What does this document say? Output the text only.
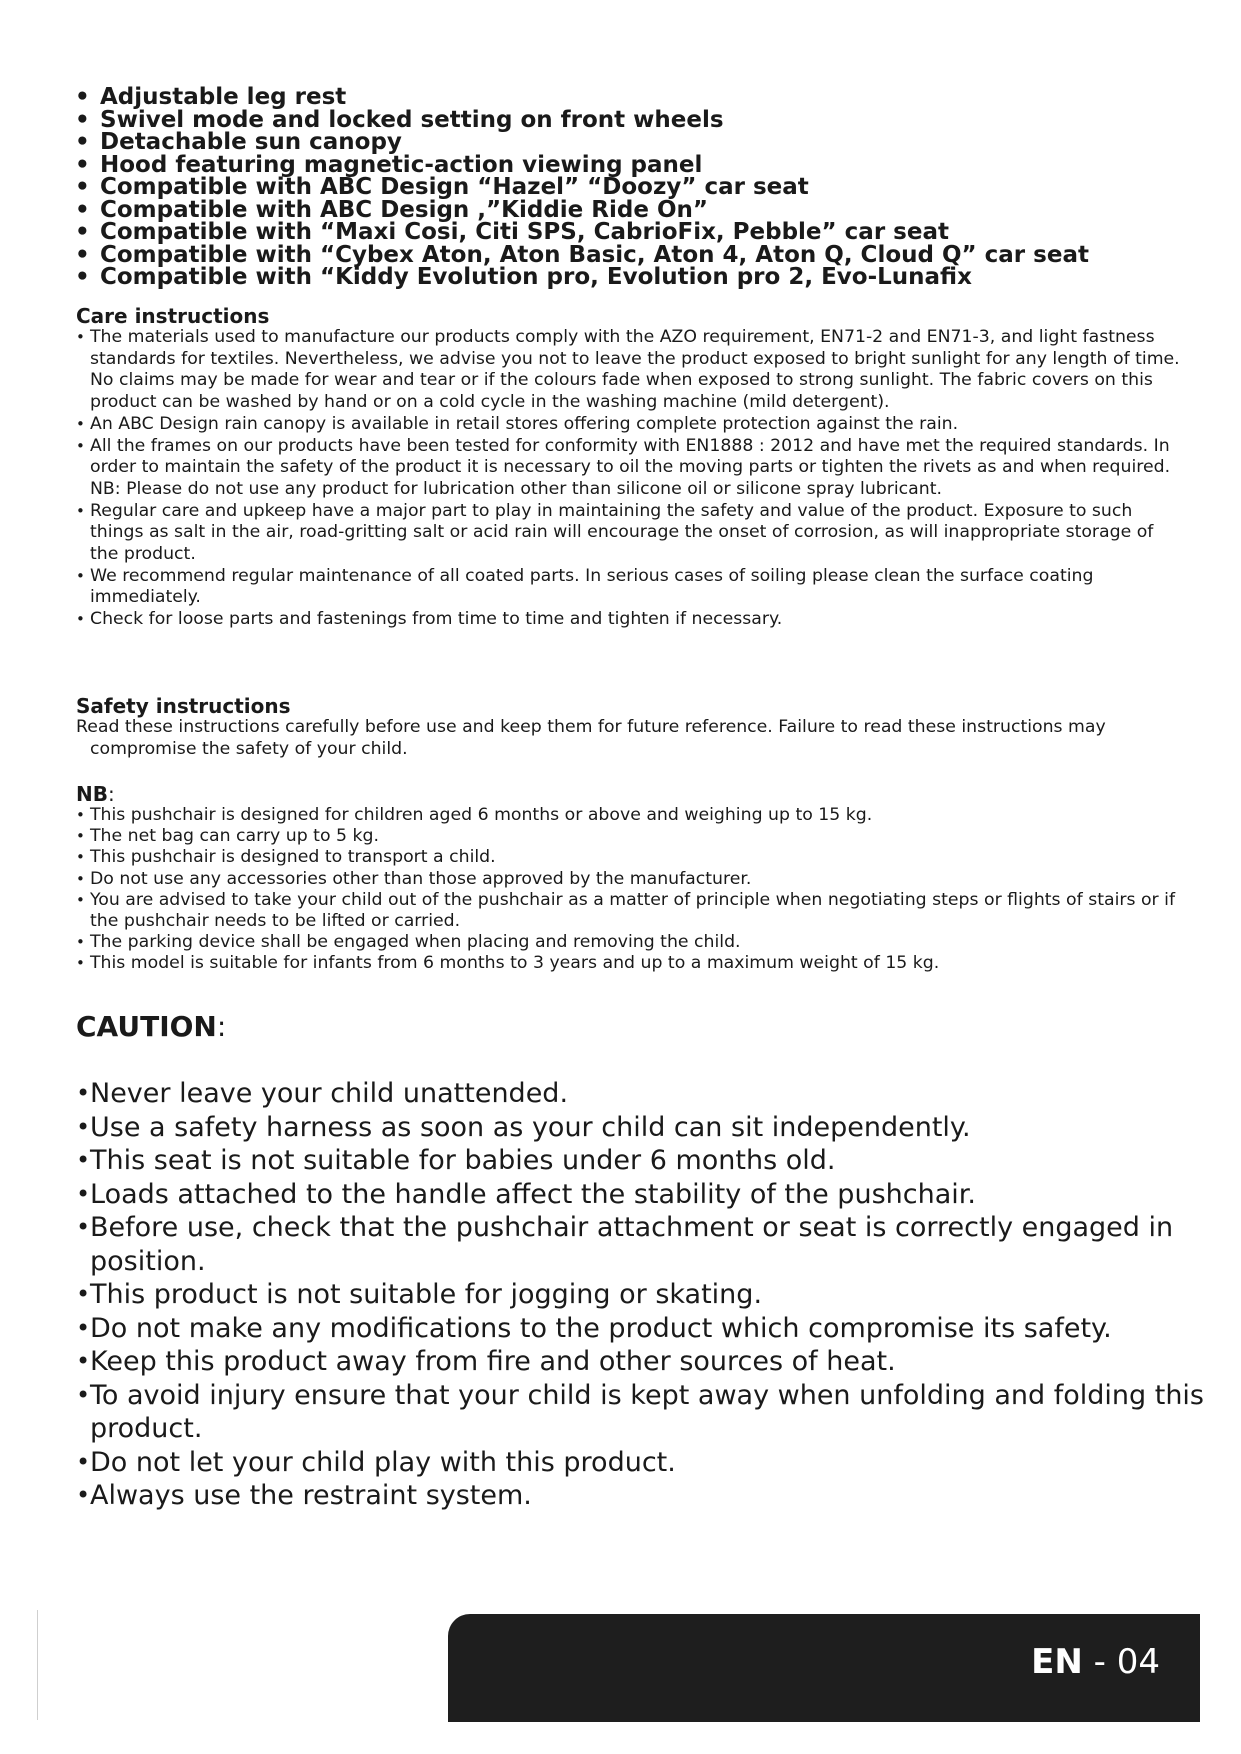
• Adjustable leg rest
• Swivel mode and locked setting on front wheels
• Detachable sun canopy
• Hood featuring magnetic-action viewing panel
• Compatible with ABC Design “Hazel” “Doozy” car seat
• Compatible with ABC Design ,”Kiddie Ride On”
• Compatible with “Maxi Cosi, Citi SPS, CabrioFix, Pebble” car seat
• Compatible with “Cybex Aton, Aton Basic, Aton 4, Aton Q, Cloud Q” car seat
• Compatible with “Kiddy Evolution pro, Evolution pro 2, Evo-Lunafix
Care instructions
• The materials used to manufacture our products comply with the AZO requirement, EN71-2 and EN71-3, and light fastness standards for textiles. Nevertheless, we advise you not to leave the product exposed to bright sunlight for any length of time. No claims may be made for wear and tear or if the colours fade when exposed to strong sunlight. The fabric covers on this product can be washed by hand or on a cold cycle in the washing machine (mild detergent).
• An ABC Design rain canopy is available in retail stores offering complete protection against the rain.
• All the frames on our products have been tested for conformity with EN1888 : 2012 and have met the required standards. In order to maintain the safety of the product it is necessary to oil the moving parts or tighten the rivets as and when required.
NB: Please do not use any product for lubrication other than silicone oil or silicone spray lubricant.
• Regular care and upkeep have a major part to play in maintaining the safety and value of the product. Exposure to such things as salt in the air, road-gritting salt or acid rain will encourage the onset of corrosion, as will inappropriate storage of the product.
• We recommend regular maintenance of all coated parts. In serious cases of soiling please clean the surface coating immediately.
• Check for loose parts and fastenings from time to time and tighten if necessary.
Safety instructions

Read these instructions carefully before use and keep them for future reference. Failure to read these instructions may compromise the safety of your child.

NB:
• This pushchair is designed for children aged 6 months or above and weighing up to 15 kg.
• The net bag can carry up to 5 kg.
• This pushchair is designed to transport a child.
• Do not use any accessories other than those approved by the manufacturer.
• You are advised to take your child out of the pushchair as a matter of principle when negotiating steps or flights of stairs or if the pushchair needs to be lifted or carried.
• The parking device shall be engaged when placing and removing the child.
• This model is suitable for infants from 6 months to 3 years and up to a maximum weight of 15 kg.
CAUTION:
• Never leave your child unattended.
• Use a safety harness as soon as your child can sit independently.
• This seat is not suitable for babies under 6 months old.
• Loads attached to the handle affect the stability of the pushchair.
• Before use, check that the pushchair attachment or seat is correctly engaged in position.
• This product is not suitable for jogging or skating.
• Do not make any modifications to the product which compromise its safety.
• Keep this product away from fire and other sources of heat.
• To avoid injury ensure that your child is kept away when unfolding and folding this product.
• Do not let your child play with this product.
• Always use the restraint system.
EN - 04
